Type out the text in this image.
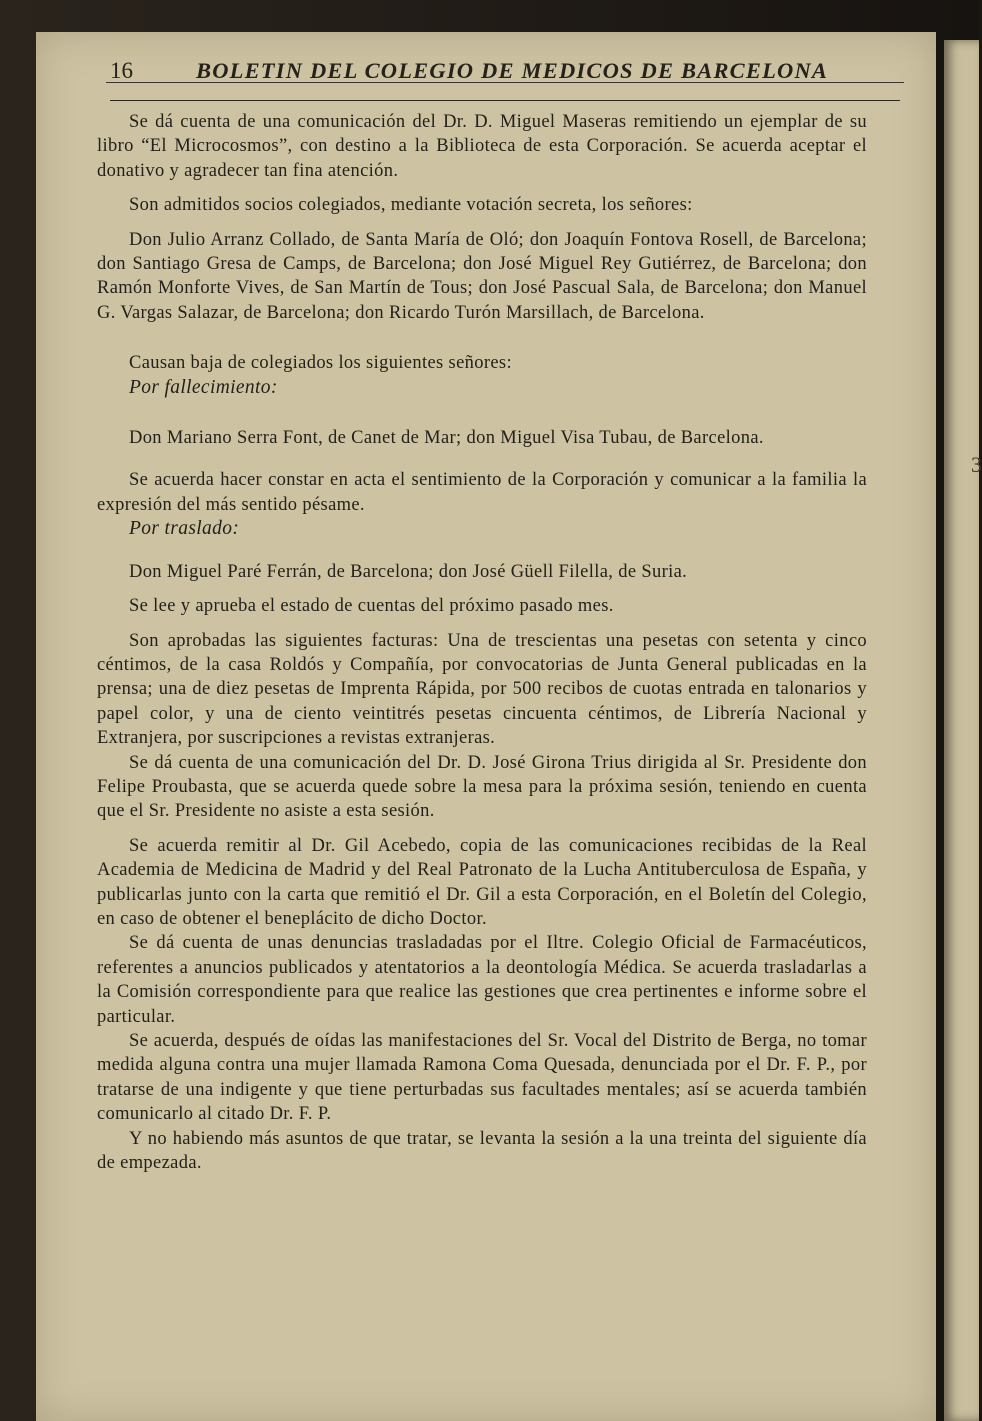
3
16	BOLETIN DEL COLEGIO DE MEDICOS DE BARCELONA

Se dá cuenta de una comunicación del Dr. D. Miguel Maseras remitiendo un ejemplar de su libro “El Microcosmos”, con destino a la Biblioteca de esta Corporación. Se acuerda aceptar el donativo y agradecer tan fina atención.

Son admitidos socios colegiados, mediante votación secreta, los señores:

Don Julio Arranz Collado, de Santa María de Oló; don Joaquín Fontova Rosell, de Barcelona; don Santiago Gresa de Camps, de Barcelona; don José Miguel Rey Gutiérrez, de Barcelona; don Ramón Monforte Vives, de San Martín de Tous; don José Pascual Sala, de Barcelona; don Manuel G. Vargas Salazar, de Barcelona; don Ricardo Turón Marsillach, de Barcelona.

Causan baja de colegiados los siguientes señores:

Por fallecimiento:

Don Mariano Serra Font, de Canet de Mar; don Miguel Visa Tubau, de Barcelona.

Se acuerda hacer constar en acta el sentimiento de la Corporación y comunicar a la familia la expresión del más sentido pésame.

Por traslado:

Don Miguel Paré Ferrán, de Barcelona; don José Güell Filella, de Suria.

Se lee y aprueba el estado de cuentas del próximo pasado mes.

Son aprobadas las siguientes facturas: Una de trescientas una pesetas con setenta y cinco céntimos, de la casa Roldós y Compañía, por convocatorias de Junta General publicadas en la prensa; una de diez pesetas de Imprenta Rápida, por 500 recibos de cuotas entrada en talonarios y papel color, y una de ciento veintitrés pesetas cincuenta céntimos, de Librería Nacional y Extranjera, por suscripciones a revistas extranjeras.

Se dá cuenta de una comunicación del Dr. D. José Girona Trius dirigida al Sr. Presidente don Felipe Proubasta, que se acuerda quede sobre la mesa para la próxima sesión, teniendo en cuenta que el Sr. Presidente no asiste a esta sesión.

Se acuerda remitir al Dr. Gil Acebedo, copia de las comunicaciones recibidas de la Real Academia de Medicina de Madrid y del Real Patronato de la Lucha Antituberculosa de España, y publicarlas junto con la carta que remitió el Dr. Gil a esta Corporación, en el Boletín del Colegio, en caso de obtener el beneplácito de dicho Doctor.

Se dá cuenta de unas denuncias trasladadas por el Iltre. Colegio Oficial de Farmacéuticos, referentes a anuncios publicados y atentatorios a la deontología Médica. Se acuerda trasladarlas a la Comisión correspondiente para que realice las gestiones que crea pertinentes e informe sobre el particular.

Se acuerda, después de oídas las manifestaciones del Sr. Vocal del Distrito de Berga, no tomar medida alguna contra una mujer llamada Ramona Coma Quesada, denunciada por el Dr. F. P., por tratarse de una indigente y que tiene perturbadas sus facultades mentales; así se acuerda también comunicarlo al citado Dr. F. P.

Y no habiendo más asuntos de que tratar, se levanta la sesión a la una treinta del siguiente día de empezada.
